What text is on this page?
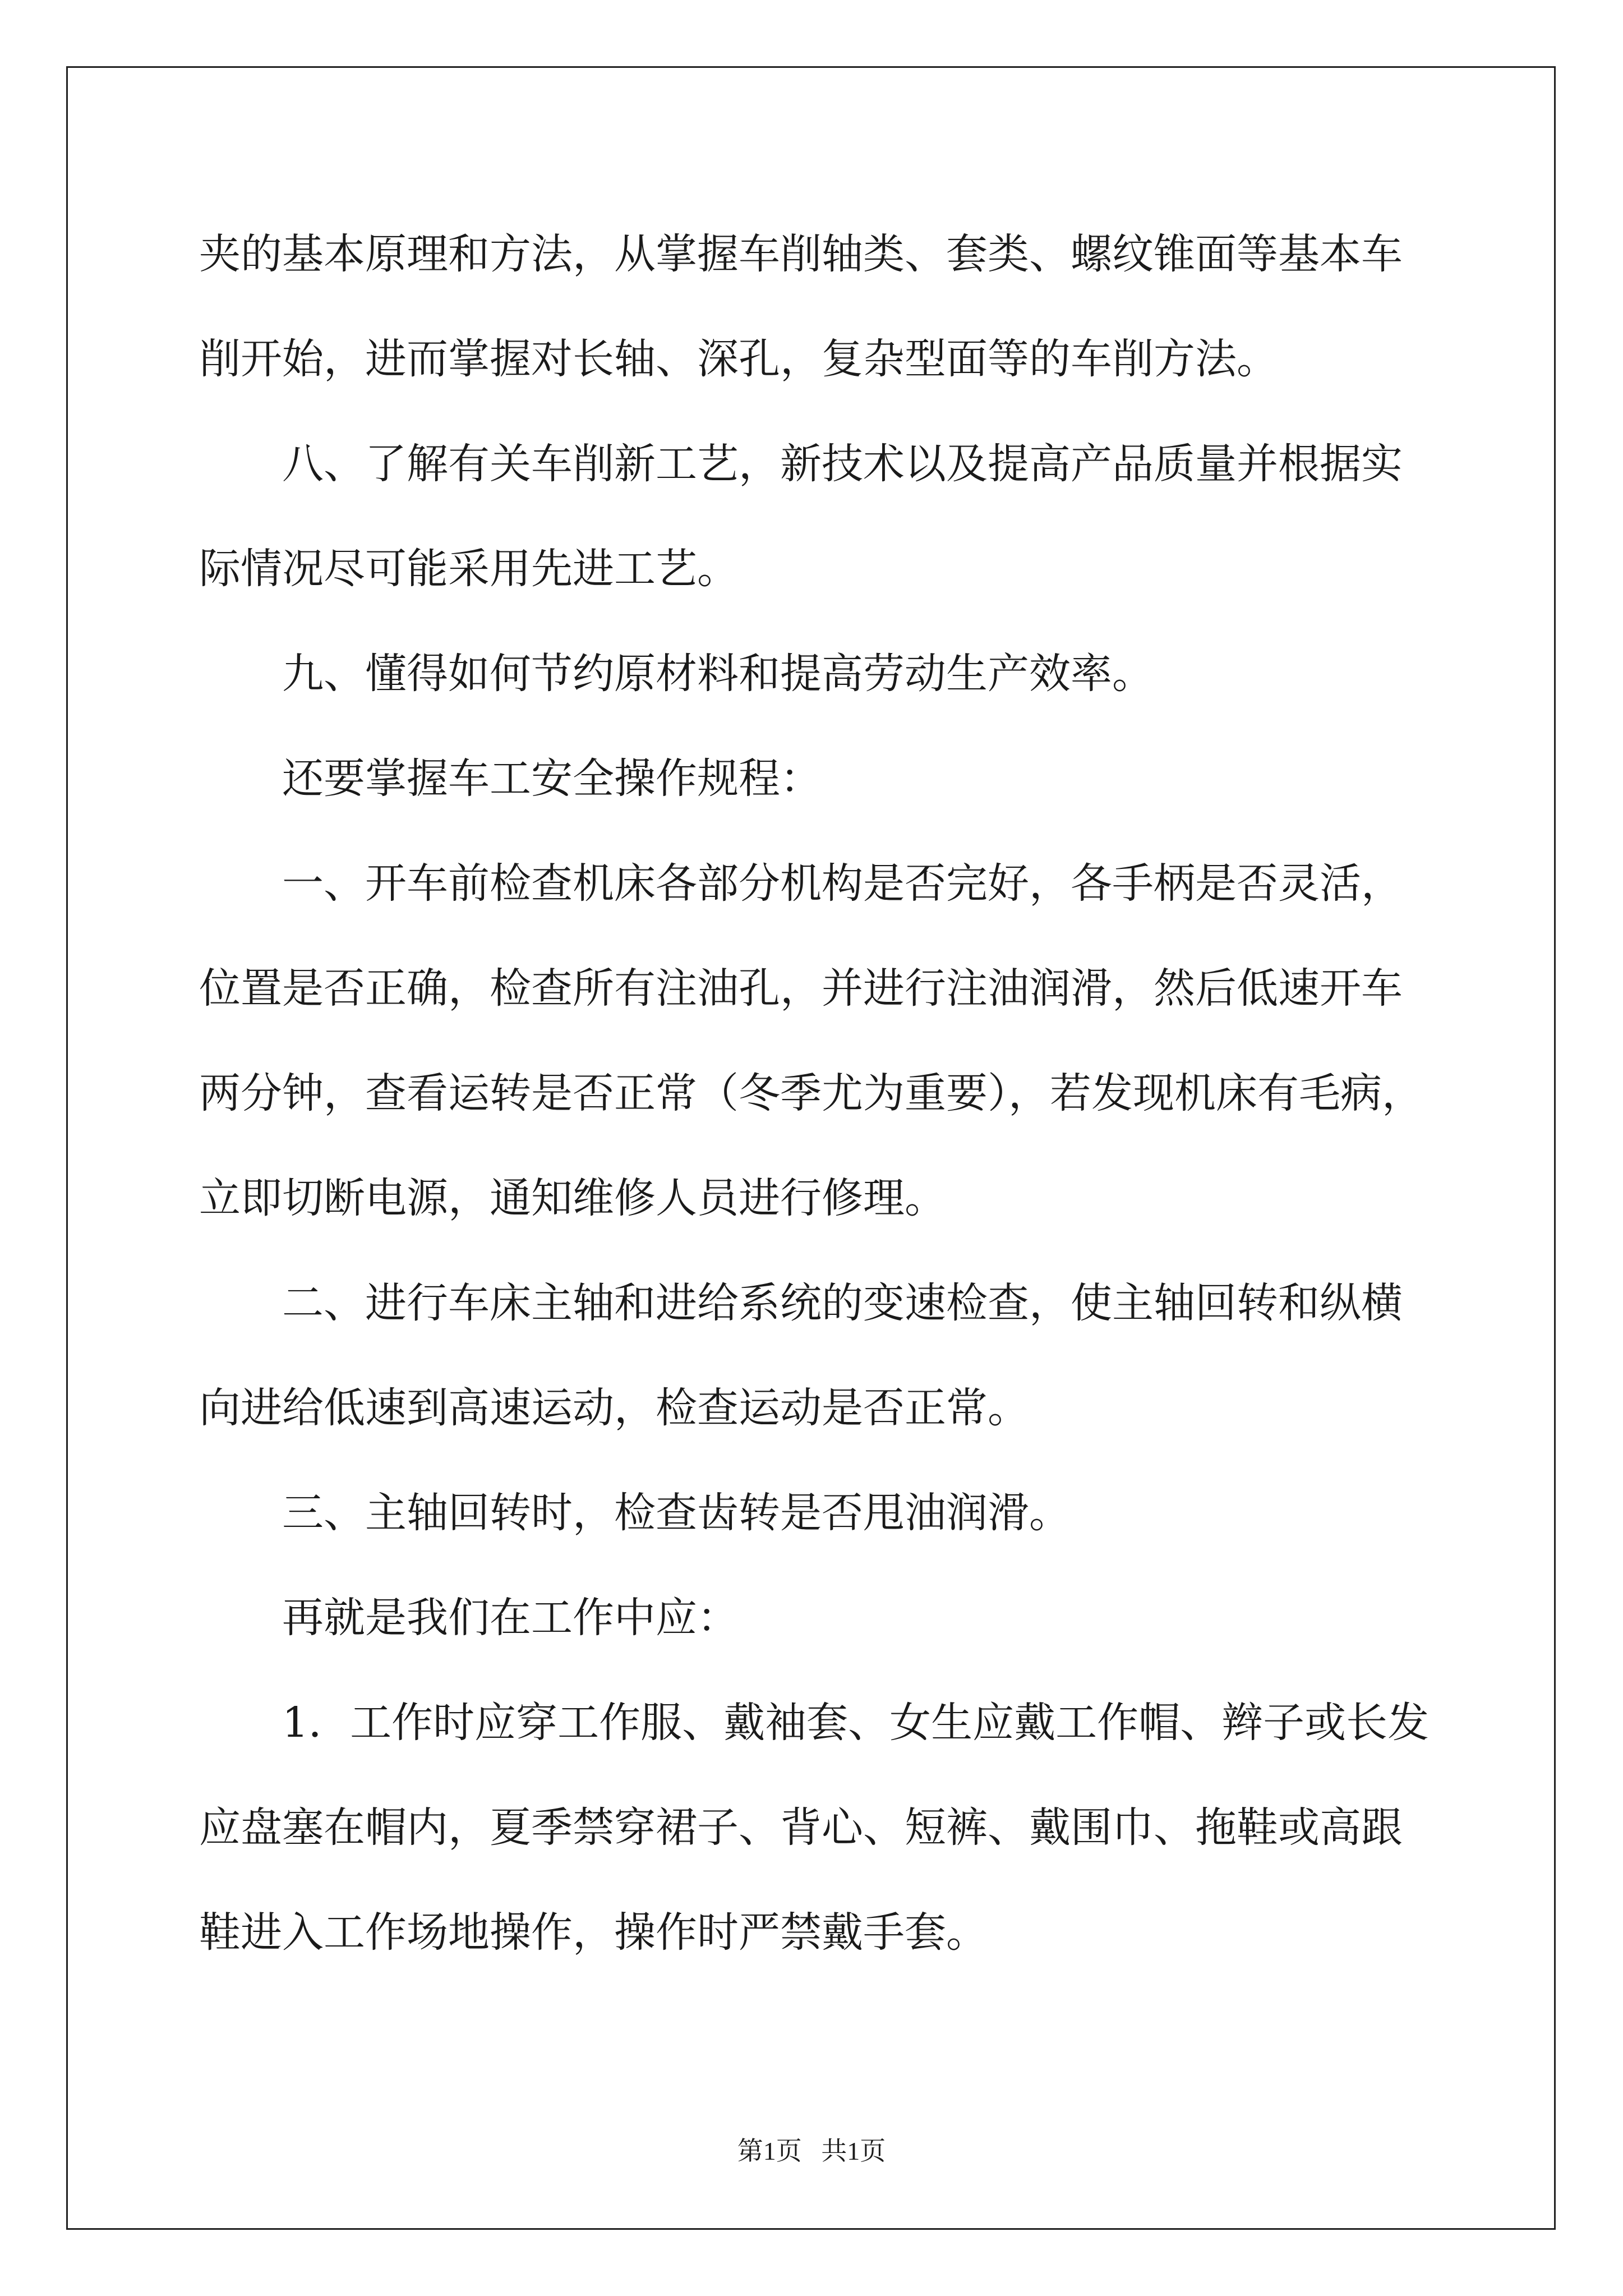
夹的基本原理和方法，从掌握车削轴类、套类、螺纹锥面等基本车削开始，进而掌握对长轴、深孔，复杂型面等的车削方法。

八、了解有关车削新工艺，新技术以及提高产品质量并根据实际情况尽可能采用先进工艺。

九、懂得如何节约原材料和提高劳动生产效率。

还要掌握车工安全操作规程：

一、开车前检查机床各部分机构是否完好，各手柄是否灵活，位置是否正确，检查所有注油孔，并进行注油润滑，然后低速开车两分钟，查看运转是否正常（冬季尤为重要），若发现机床有毛病，立即切断电源，通知维修人员进行修理。

二、进行车床主轴和进给系统的变速检查，使主轴回转和纵横向进给低速到高速运动，检查运动是否正常。

三、主轴回转时，检查齿转是否甩油润滑。

再就是我们在工作中应：

1．工作时应穿工作服、戴袖套、女生应戴工作帽、辫子或长发应盘塞在帽内，夏季禁穿裙子、背心、短裤、戴围巾、拖鞋或高跟鞋进入工作场地操作，操作时严禁戴手套。

第1页 共1页
